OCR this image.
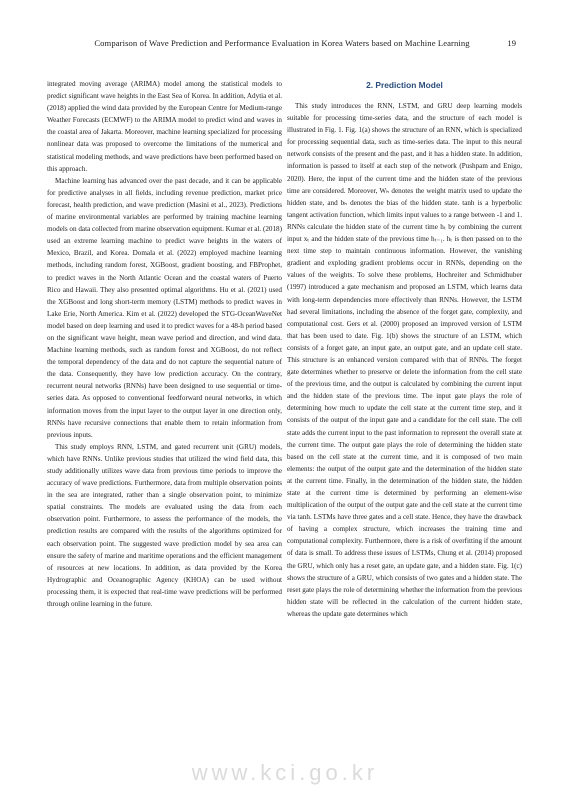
Comparison of Wave Prediction and Performance Evaluation in Korea Waters based on Machine Learning	19

integrated moving average (ARIMA) model among the statistical models to predict significant wave heights in the East Sea of Korea. In addition, Adytia et al. (2018) applied the wind data provided by the European Centre for Medium-range Weather Forecasts (ECMWF) to the ARIMA model to predict wind and waves in the coastal area of Jakarta. Moreover, machine learning specialized for processing nonlinear data was proposed to overcome the limitations of the numerical and statistical modeling methods, and wave predictions have been performed based on this approach.

Machine learning has advanced over the past decade, and it can be applicable for predictive analyses in all fields, including revenue prediction, market price forecast, health prediction, and wave prediction (Masini et al., 2023). Predictions of marine environmental variables are performed by training machine learning models on data collected from marine observation equipment. Kumar et al. (2018) used an extreme learning machine to predict wave heights in the waters of Mexico, Brazil, and Korea. Domala et al. (2022) employed machine learning methods, including random forest, XGBoost, gradient boosting, and FBProphet, to predict waves in the North Atlantic Ocean and the coastal waters of Puerto Rico and Hawaii. They also presented optimal algorithms. Hu et al. (2021) used the XGBoost and long short-term memory (LSTM) methods to predict waves in Lake Erie, North America. Kim et al. (2022) developed the STG-OceanWaveNet model based on deep learning and used it to predict waves for a 48-h period based on the significant wave height, mean wave period and direction, and wind data. Machine learning methods, such as random forest and XGBoost, do not reflect the temporal dependency of the data and do not capture the sequential nature of the data. Consequently, they have low prediction accuracy. On the contrary, recurrent neural networks (RNNs) have been designed to use sequential or time-series data. As opposed to conventional feedforward neural networks, in which information moves from the input layer to the output layer in one direction only, RNNs have recursive connections that enable them to retain information from previous inputs.

This study employs RNN, LSTM, and gated recurrent unit (GRU) models, which have RNNs. Unlike previous studies that utilized the wind field data, this study additionally utilizes wave data from previous time periods to improve the accuracy of wave predictions. Furthermore, data from multiple observation points in the sea are integrated, rather than a single observation point, to minimize spatial constraints. The models are evaluated using the data from each observation point. Furthermore, to assess the performance of the models, the prediction results are compared with the results of the algorithms optimized for each observation point. The suggested wave prediction model by sea area can ensure the safety of marine and maritime operations and the efficient management of resources at new locations. In addition, as data provided by the Korea Hydrographic and Oceanographic Agency (KHOA) can be used without processing them, it is expected that real-time wave predictions will be performed through online learning in the future.

2. Prediction Model

This study introduces the RNN, LSTM, and GRU deep learning models suitable for processing time-series data, and the structure of each model is illustrated in Fig. 1. Fig. 1(a) shows the structure of an RNN, which is specialized for processing sequential data, such as time-series data. The input to this neural network consists of the present and the past, and it has a hidden state. In addition, information is passed to itself at each step of the network (Pushpam and Enigo, 2020). Here, the input of the current time and the hidden state of the previous time are considered. Moreover, Wₕ denotes the weight matrix used to update the hidden state, and bₕ denotes the bias of the hidden state. tanh is a hyperbolic tangent activation function, which limits input values to a range between -1 and 1. RNNs calculate the hidden state of the current time hₜ by combining the current input xₜ and the hidden state of the previous time hₜ₋₁. hₜ is then passed on to the next time step to maintain continuous information. However, the vanishing gradient and exploding gradient problems occur in RNNs, depending on the values of the weights. To solve these problems, Hochreiter and Schmidhuber (1997) introduced a gate mechanism and proposed an LSTM, which learns data with long-term dependencies more effectively than RNNs. However, the LSTM had several limitations, including the absence of the forget gate, complexity, and computational cost. Gers et al. (2000) proposed an improved version of LSTM that has been used to date. Fig. 1(b) shows the structure of an LSTM, which consists of a forget gate, an input gate, an output gate, and an update cell state. This structure is an enhanced version compared with that of RNNs. The forget gate determines whether to preserve or delete the information from the cell state of the previous time, and the output is calculated by combining the current input and the hidden state of the previous time. The input gate plays the role of determining how much to update the cell state at the current time step, and it consists of the output of the input gate and a candidate for the cell state. The cell state adds the current input to the past information to represent the overall state at the current time. The output gate plays the role of determining the hidden state based on the cell state at the current time, and it is composed of two main elements: the output of the output gate and the determination of the hidden state at the current time. Finally, in the determination of the hidden state, the hidden state at the current time is determined by performing an element-wise multiplication of the output of the output gate and the cell state at the current time via tanh. LSTMs have three gates and a cell state. Hence, they have the drawback of having a complex structure, which increases the training time and computational complexity. Furthermore, there is a risk of overfitting if the amount of data is small. To address these issues of LSTMs, Chung et al. (2014) proposed the GRU, which only has a reset gate, an update gate, and a hidden state. Fig. 1(c) shows the structure of a GRU, which consists of two gates and a hidden state. The reset gate plays the role of determining whether the information from the previous hidden state will be reflected in the calculation of the current hidden state, whereas the update gate determines which

www.kci.go.kr
